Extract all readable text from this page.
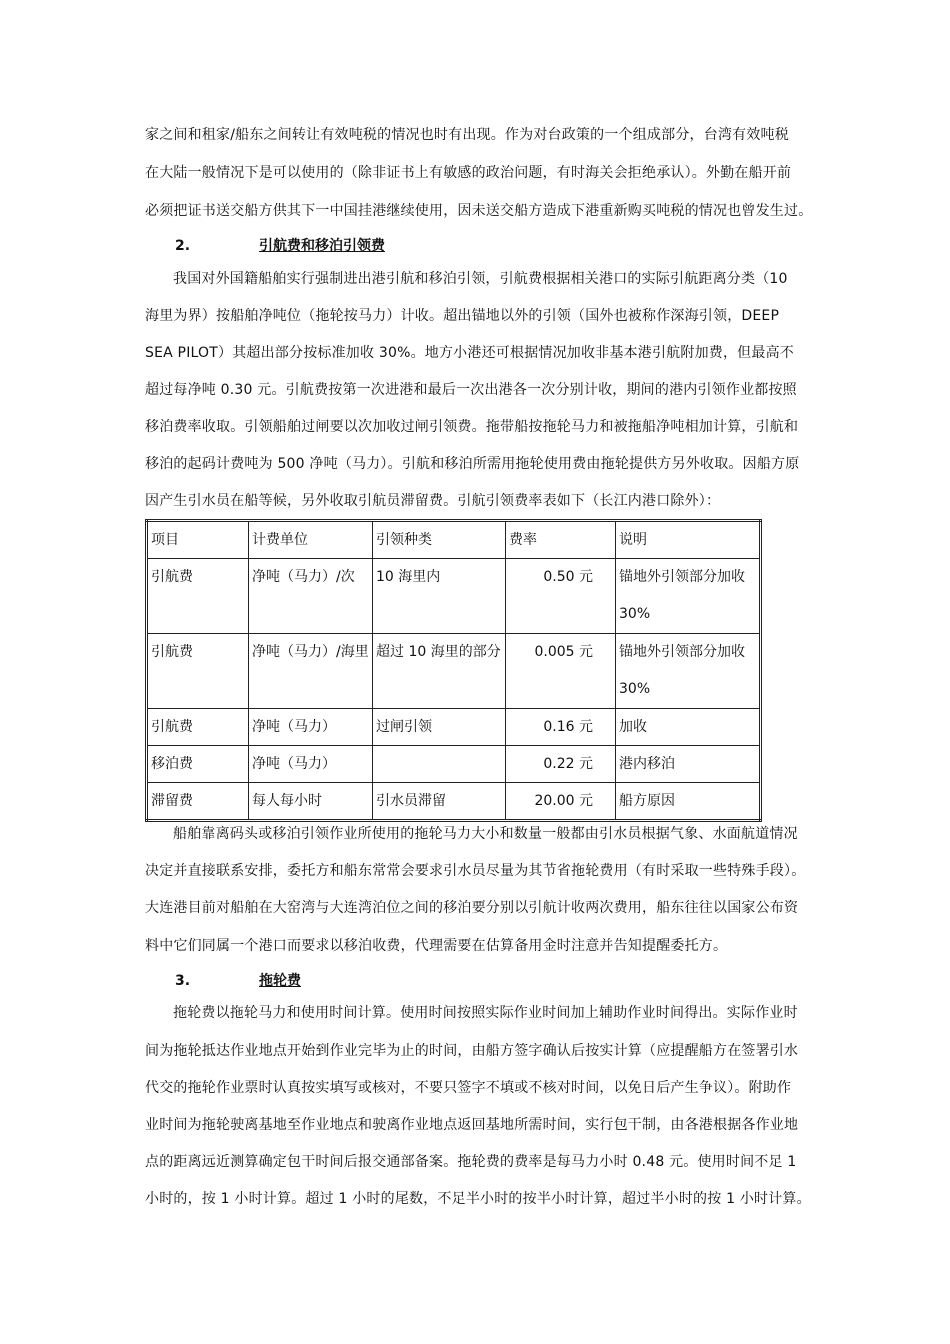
家之间和租家/船东之间转让有效吨税的情况也时有出现。作为对台政策的一个组成部分，台湾有效吨税
在大陆一般情况下是可以使用的（除非证书上有敏感的政治问题，有时海关会拒绝承认）。外勤在船开前
必须把证书送交船方供其下一中国挂港继续使用，因未送交船方造成下港重新购买吨税的情况也曾发生过。
2.	引航费和移泊引领费
我国对外国籍船舶实行强制进出港引航和移泊引领，引航费根据相关港口的实际引航距离分类（10
海里为界）按船舶净吨位（拖轮按马力）计收。超出锚地以外的引领（国外也被称作深海引领，DEEP
SEA PILOT）其超出部分按标准加收 30%。地方小港还可根据情况加收非基本港引航附加费，但最高不
超过每净吨 0.30 元。引航费按第一次进港和最后一次出港各一次分别计收，期间的港内引领作业都按照
移泊费率收取。引领船舶过闸要以次加收过闸引领费。拖带船按拖轮马力和被拖船净吨相加计算，引航和
移泊的起码计费吨为 500 净吨（马力）。引航和移泊所需用拖轮使用费由拖轮提供方另外收取。因船方原
因产生引水员在船等候，另外收取引航员滞留费。引航引领费率表如下（长江内港口除外）：
项目	计费单位	引领种类	费率	说明
引航费	净吨（马力）/次	10 海里内	0.50 元	锚地外引领部分加收
30%
引航费	净吨（马力）/海里	超过 10 海里的部分	0.005 元	锚地外引领部分加收
30%
引航费	净吨（马力）	过闸引领	0.16 元	加收
移泊费	净吨（马力）		0.22 元	港内移泊
滞留费	每人每小时	引水员滞留	20.00 元	船方原因
船舶靠离码头或移泊引领作业所使用的拖轮马力大小和数量一般都由引水员根据气象、水面航道情况
决定并直接联系安排，委托方和船东常常会要求引水员尽量为其节省拖轮费用（有时采取一些特殊手段）。
大连港目前对船舶在大窑湾与大连湾泊位之间的移泊要分别以引航计收两次费用，船东往往以国家公布资
料中它们同属一个港口而要求以移泊收费，代理需要在估算备用金时注意并告知提醒委托方。
3.	拖轮费
拖轮费以拖轮马力和使用时间计算。使用时间按照实际作业时间加上辅助作业时间得出。实际作业时
间为拖轮抵达作业地点开始到作业完毕为止的时间，由船方签字确认后按实计算（应提醒船方在签署引水
代交的拖轮作业票时认真按实填写或核对，不要只签字不填或不核对时间，以免日后产生争议）。附助作
业时间为拖轮驶离基地至作业地点和驶离作业地点返回基地所需时间，实行包干制，由各港根据各作业地
点的距离远近测算确定包干时间后报交通部备案。拖轮费的费率是每马力小时 0.48 元。使用时间不足 1
小时的，按 1 小时计算。超过 1 小时的尾数，不足半小时的按半小时计算，超过半小时的按 1 小时计算。
